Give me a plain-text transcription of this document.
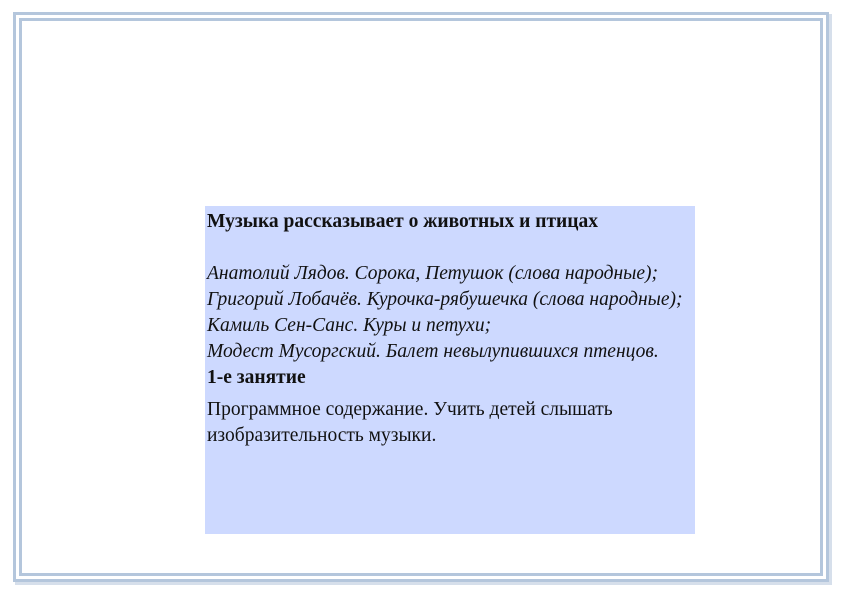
Музыка рассказывает о животных и птицах

Анатолий Лядов. Сорока, Петушок (слова народные);
Григорий Лобачёв. Курочка-рябушечка (слова народные);
Камиль Сен-Санс. Куры и петухи;
Модест Мусоргский. Балет невылупившихся птенцов.

1-е занятие

Программное содержание. Учить детей слышать изобразительность музыки.
